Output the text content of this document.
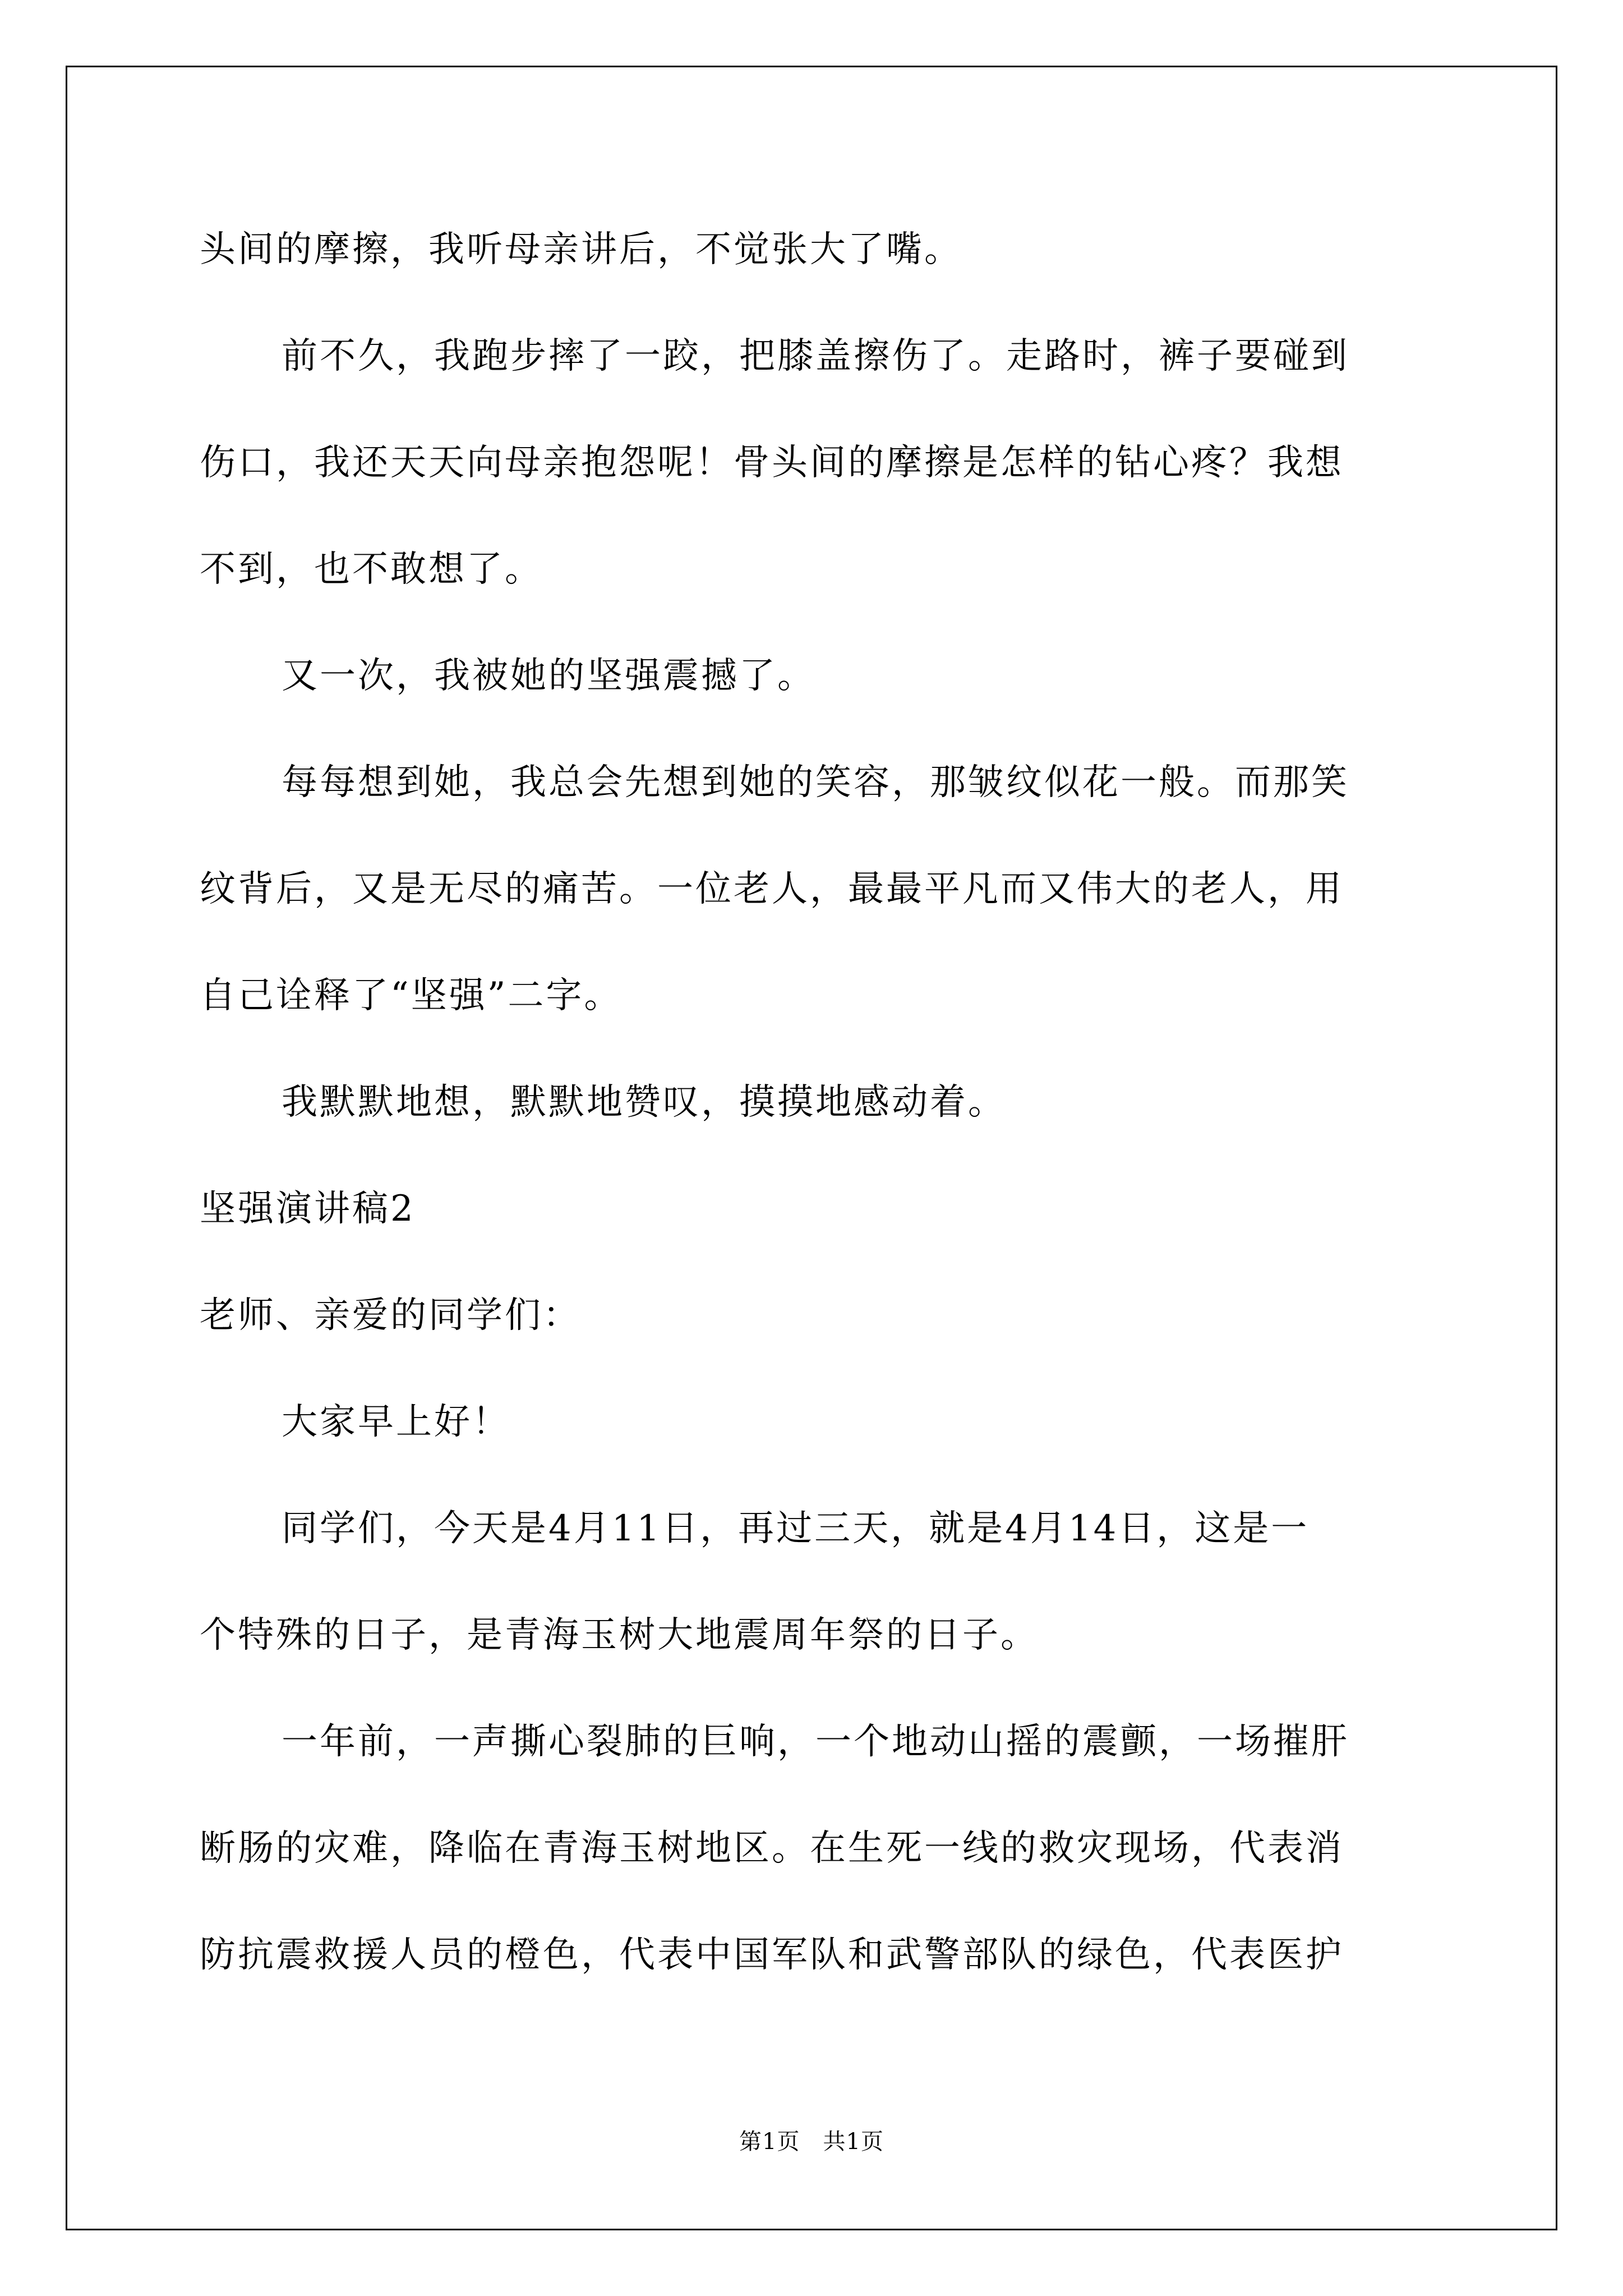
头间的摩擦，我听母亲讲后，不觉张大了嘴。
前不久，我跑步摔了一跤，把膝盖擦伤了。走路时，裤子要碰到
伤口，我还天天向母亲抱怨呢！骨头间的摩擦是怎样的钻心疼？我想
不到，也不敢想了。
又一次，我被她的坚强震撼了。
每每想到她，我总会先想到她的笑容，那皱纹似花一般。而那笑
纹背后，又是无尽的痛苦。一位老人，最最平凡而又伟大的老人，用
自己诠释了“坚强”二字。
我默默地想，默默地赞叹，摸摸地感动着。
坚强演讲稿2
老师、亲爱的同学们：
大家早上好！
同学们，今天是4月11日，再过三天，就是4月14日，这是一
个特殊的日子，是青海玉树大地震周年祭的日子。
一年前，一声撕心裂肺的巨响，一个地动山摇的震颤，一场摧肝
断肠的灾难，降临在青海玉树地区。在生死一线的救灾现场，代表消
防抗震救援人员的橙色，代表中国军队和武警部队的绿色，代表医护
第1页　共1页
